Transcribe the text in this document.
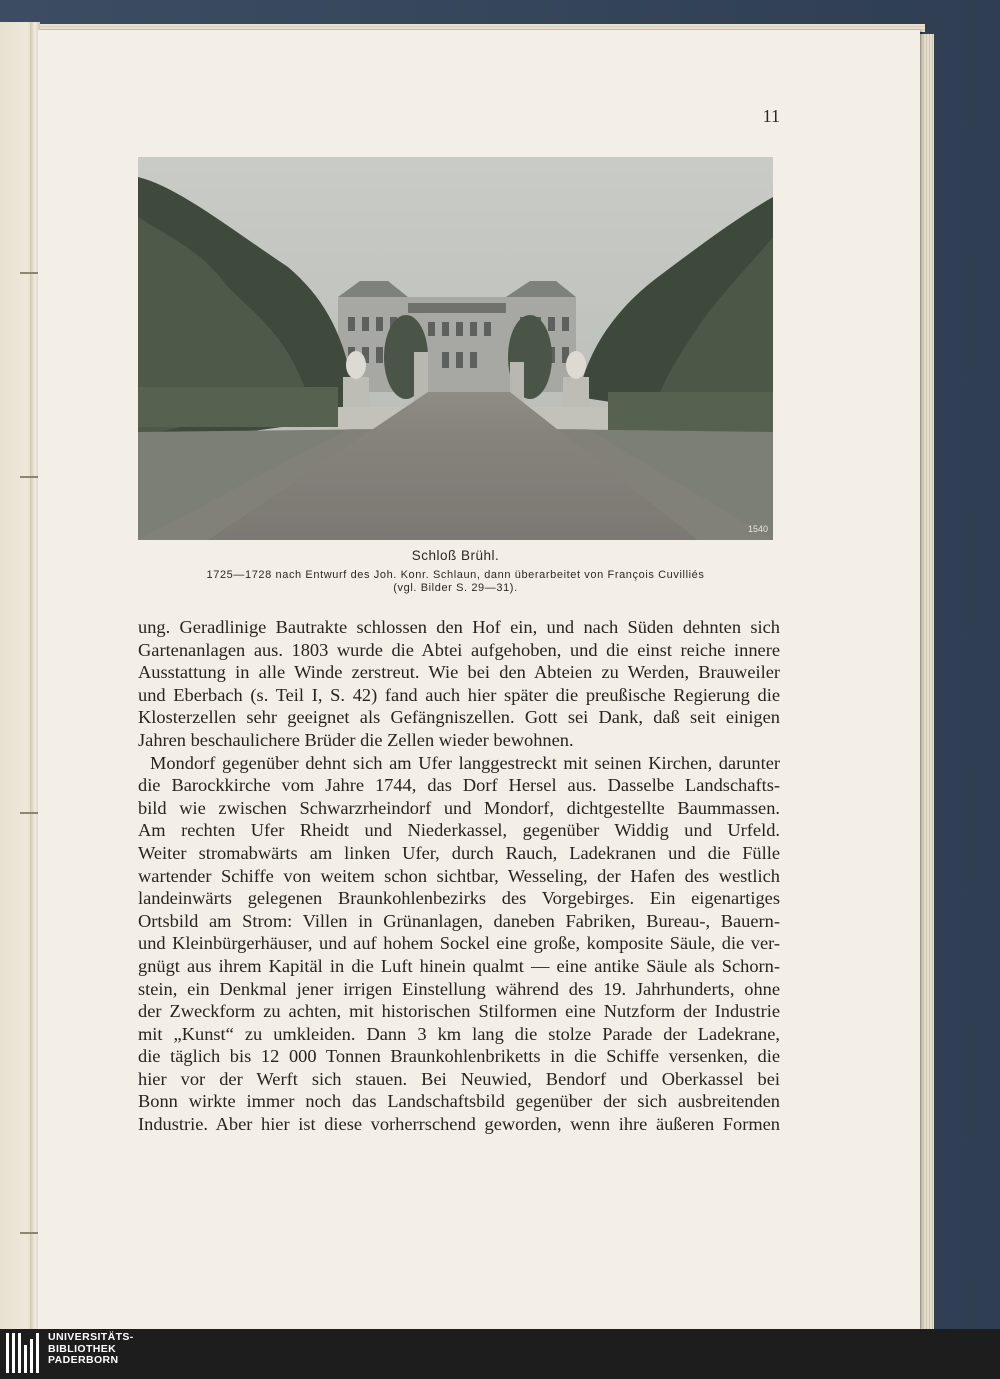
11
1540
Schloß Brühl.
1725—1728 nach Entwurf des Joh. Konr. Schlaun, dann überarbeitet von François Cuvilliés
(vgl. Bilder S. 29—31).
ung. Geradlinige Bautrakte schlossen den Hof ein, und nach Süden dehnten sich
Gartenanlagen aus. 1803 wurde die Abtei aufgehoben, und die einst reiche innere
Ausstattung in alle Winde zerstreut. Wie bei den Abteien zu Werden, Brauweiler
und Eberbach (s. Teil I, S. 42) fand auch hier später die preußische Regierung die
Klosterzellen sehr geeignet als Gefängniszellen. Gott sei Dank, daß seit einigen
Jahren beschaulichere Brüder die Zellen wieder bewohnen.
Mondorf gegenüber dehnt sich am Ufer langgestreckt mit seinen Kirchen, darunter
die Barockkirche vom Jahre 1744, das Dorf Hersel aus. Dasselbe Landschafts-
bild wie zwischen Schwarzrheindorf und Mondorf, dichtgestellte Baummassen.
Am rechten Ufer Rheidt und Niederkassel, gegenüber Widdig und Urfeld.
Weiter stromabwärts am linken Ufer, durch Rauch, Ladekranen und die Fülle
wartender Schiffe von weitem schon sichtbar, Wesseling, der Hafen des westlich
landeinwärts gelegenen Braunkohlenbezirks des Vorgebirges. Ein eigenartiges
Ortsbild am Strom: Villen in Grünanlagen, daneben Fabriken, Bureau-, Bauern-
und Kleinbürgerhäuser, und auf hohem Sockel eine große, komposite Säule, die ver-
gnügt aus ihrem Kapitäl in die Luft hinein qualmt — eine antike Säule als Schorn-
stein, ein Denkmal jener irrigen Einstellung während des 19. Jahrhunderts, ohne
der Zweckform zu achten, mit historischen Stilformen eine Nutzform der Industrie
mit „Kunst“ zu umkleiden. Dann 3 km lang die stolze Parade der Ladekrane,
die täglich bis 12 000 Tonnen Braunkohlenbriketts in die Schiffe versenken, die
hier vor der Werft sich stauen. Bei Neuwied, Bendorf und Oberkassel bei
Bonn wirkte immer noch das Landschaftsbild gegenüber der sich ausbreitenden
Industrie. Aber hier ist diese vorherrschend geworden, wenn ihre äußeren Formen
UNIVERSITÄTS-
BIBLIOTHEK
PADERBORN
